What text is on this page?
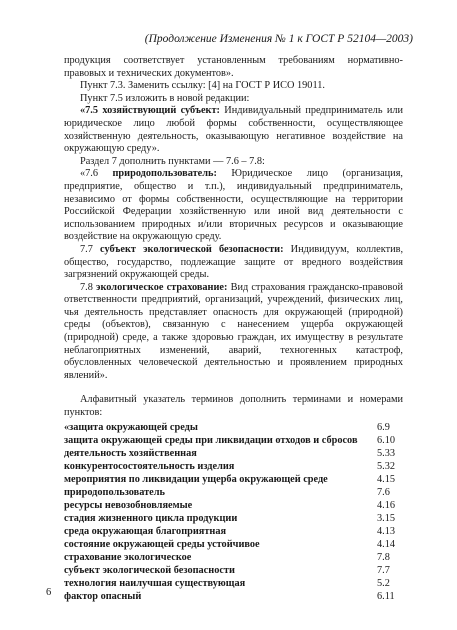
(Продолжение Изменения № 1 к ГОСТ Р 52104—2003)

продукция соответствует установленным требованиям нормативно-правовых и технических документов».

Пункт 7.3. Заменить ссылку: [4] на ГОСТ Р ИСО 19011.

Пункт 7.5 изложить в новой редакции:

«7.5 хозяйствующий субъект: Индивидуальный предприниматель или юридическое лицо любой формы собственности, осуществляющее хозяйственную деятельность, оказывающую негативное воздействие на окружающую среду».

Раздел 7 дополнить пунктами — 7.6 – 7.8:

«7.6 природопользователь: Юридическое лицо (организация, предприятие, общество и т.п.), индивидуальный предприниматель, независимо от формы собственности, осуществляющие на территории Российской Федерации хозяйственную или иной вид деятельности с использованием природных и/или вторичных ресурсов и оказывающие воздействие на окружающую среду.

7.7 субъект экологической безопасности: Индивидуум, коллектив, общество, государство, подлежащие защите от вредного воздействия загрязнений окружающей среды.

7.8 экологическое страхование: Вид страхования гражданско-правовой ответственности предприятий, организаций, учреждений, физических лиц, чья деятельность представляет опасность для окружающей (природной) среды (объектов), связанную с нанесением ущерба окружающей (природной) среде, а также здоровью граждан, их имуществу в результате неблагоприятных изменений, аварий, техногенных катастроф, обусловленных человеческой деятельностью и проявлением природных явлений».

Алфавитный указатель терминов дополнить терминами и номерами пунктов:

«защита окружающей среды	6.9
защита окружающей среды при ликвидации отходов и сбросов 6.10
деятельность хозяйственная	5.33
конкурентосостоятельность изделия	5.32
мероприятия по ликвидации ущерба окружающей среде	4.15
природопользователь	7.6
ресурсы невозобновляемые	4.16
стадия жизненного цикла продукции	3.15
среда окружающая благоприятная	4.13
состояние окружающей среды устойчивое	4.14
страхование экологическое	7.8
субъект экологической безопасности	7.7
технология наилучшая существующая	5.2
фактор опасный	6.11
6
